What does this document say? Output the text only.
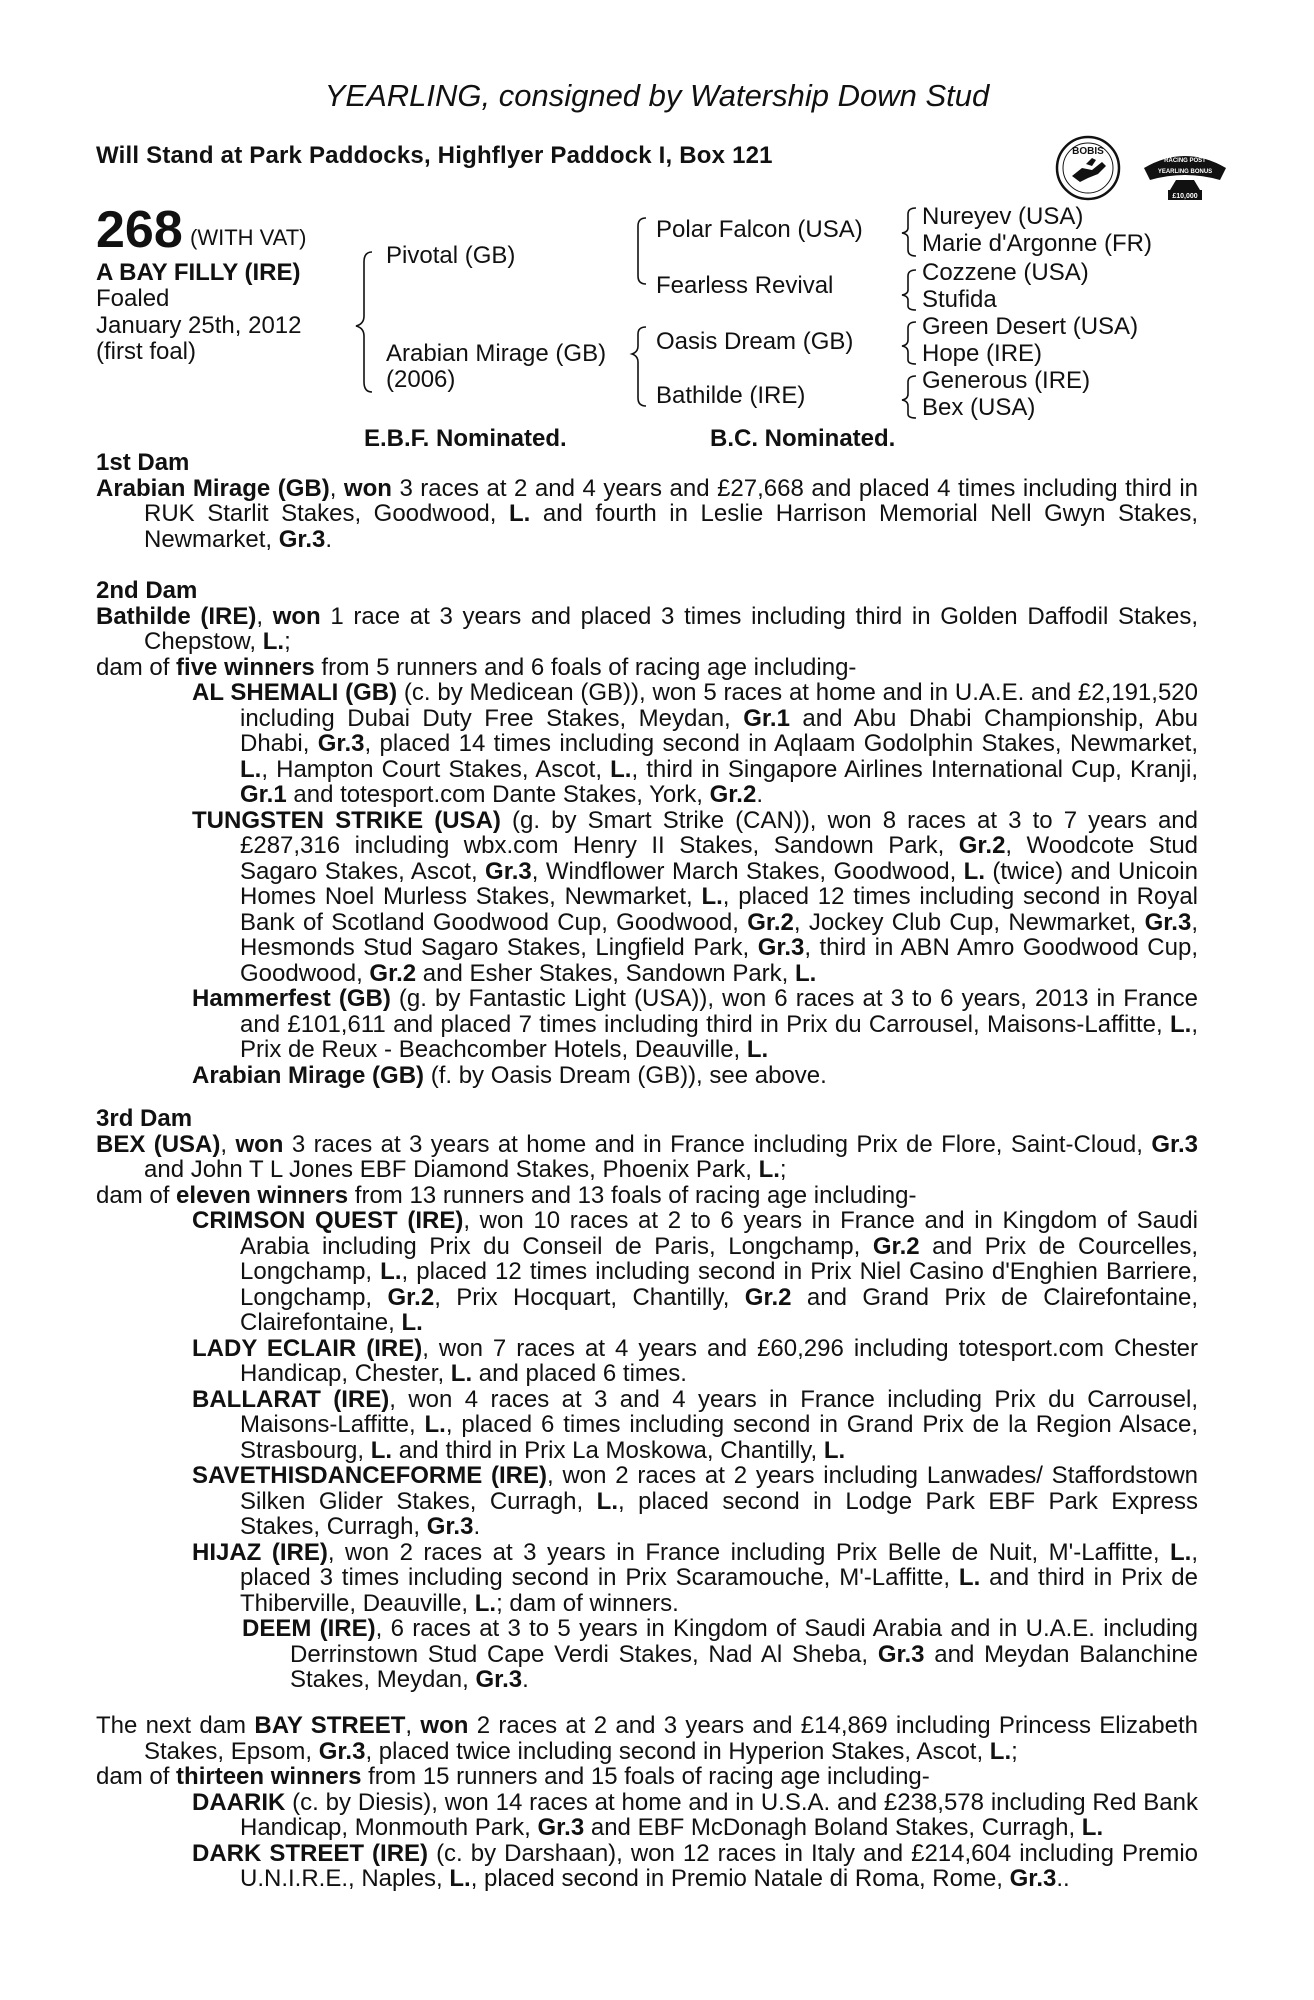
YEARLING, consigned by Watership Down Stud
Will Stand at Park Paddocks, Highflyer Paddock I, Box 121	BOBIS
RACING POST
YEARLING BONUS
£10,000
RACING POST YEARLING BONUS £10,000
268 (WITH VAT)
A BAY FILLY (IRE)
Foaled
January 25th, 2012
(first foal)
Pivotal (GB)
Arabian Mirage (GB)
(2006)
Polar Falcon (USA)
Fearless Revival
Oasis Dream (GB)
Bathilde (IRE)
Nureyev (USA)
Marie d'Argonne (FR)
Cozzene (USA)
Stufida
Green Desert (USA)
Hope (IRE)
Generous (IRE)
Bex (USA)
E.B.F. Nominated.	B.C. Nominated.
1st Dam

Arabian Mirage (GB), won 3 races at 2 and 4 years and £27,668 and placed 4 times including third in RUK Starlit Stakes, Goodwood, L. and fourth in Leslie Harrison Memorial Nell Gwyn Stakes, Newmarket, Gr.3.

2nd Dam

Bathilde (IRE), won 1 race at 3 years and placed 3 times including third in Golden Daffodil Stakes, Chepstow, L.;

dam of five winners from 5 runners and 6 foals of racing age including-

AL SHEMALI (GB) (c. by Medicean (GB)), won 5 races at home and in U.A.E. and £2,191,520 including Dubai Duty Free Stakes, Meydan, Gr.1 and Abu Dhabi Championship, Abu Dhabi, Gr.3, placed 14 times including second in Aqlaam Godolphin Stakes, Newmarket, L., Hampton Court Stakes, Ascot, L., third in Singapore Airlines International Cup, Kranji, Gr.1 and totesport.com Dante Stakes, York, Gr.2.

TUNGSTEN STRIKE (USA) (g. by Smart Strike (CAN)), won 8 races at 3 to 7 years and £287,316 including wbx.com Henry II Stakes, Sandown Park, Gr.2, Woodcote Stud Sagaro Stakes, Ascot, Gr.3, Windflower March Stakes, Goodwood, L. (twice) and Unicoin Homes Noel Murless Stakes, Newmarket, L., placed 12 times including second in Royal Bank of Scotland Goodwood Cup, Goodwood, Gr.2, Jockey Club Cup, Newmarket, Gr.3, Hesmonds Stud Sagaro Stakes, Lingfield Park, Gr.3, third in ABN Amro Goodwood Cup, Goodwood, Gr.2 and Esher Stakes, Sandown Park, L.

Hammerfest (GB) (g. by Fantastic Light (USA)), won 6 races at 3 to 6 years, 2013 in France and £101,611 and placed 7 times including third in Prix du Carrousel, Maisons-Laffitte, L., Prix de Reux - Beachcomber Hotels, Deauville, L.

Arabian Mirage (GB) (f. by Oasis Dream (GB)), see above.

3rd Dam

BEX (USA), won 3 races at 3 years at home and in France including Prix de Flore, Saint-Cloud, Gr.3 and John T L Jones EBF Diamond Stakes, Phoenix Park, L.;

dam of eleven winners from 13 runners and 13 foals of racing age including-

CRIMSON QUEST (IRE), won 10 races at 2 to 6 years in France and in Kingdom of Saudi Arabia including Prix du Conseil de Paris, Longchamp, Gr.2 and Prix de Courcelles, Longchamp, L., placed 12 times including second in Prix Niel Casino d'Enghien Barriere, Longchamp, Gr.2, Prix Hocquart, Chantilly, Gr.2 and Grand Prix de Clairefontaine, Clairefontaine, L.

LADY ECLAIR (IRE), won 7 races at 4 years and £60,296 including totesport.com Chester Handicap, Chester, L. and placed 6 times.

BALLARAT (IRE), won 4 races at 3 and 4 years in France including Prix du Carrousel, Maisons-Laffitte, L., placed 6 times including second in Grand Prix de la Region Alsace, Strasbourg, L. and third in Prix La Moskowa, Chantilly, L.

SAVETHISDANCEFORME (IRE), won 2 races at 2 years including Lanwades/ Staffordstown Silken Glider Stakes, Curragh, L., placed second in Lodge Park EBF Park Express Stakes, Curragh, Gr.3.

HIJAZ (IRE), won 2 races at 3 years in France including Prix Belle de Nuit, M'-Laffitte, L., placed 3 times including second in Prix Scaramouche, M'-Laffitte, L. and third in Prix de Thiberville, Deauville, L.; dam of winners.

DEEM (IRE), 6 races at 3 to 5 years in Kingdom of Saudi Arabia and in U.A.E. including Derrinstown Stud Cape Verdi Stakes, Nad Al Sheba, Gr.3 and Meydan Balanchine Stakes, Meydan, Gr.3.

The next dam BAY STREET, won 2 races at 2 and 3 years and £14,869 including Princess Elizabeth Stakes, Epsom, Gr.3, placed twice including second in Hyperion Stakes, Ascot, L.;

dam of thirteen winners from 15 runners and 15 foals of racing age including-

DAARIK (c. by Diesis), won 14 races at home and in U.S.A. and £238,578 including Red Bank Handicap, Monmouth Park, Gr.3 and EBF McDonagh Boland Stakes, Curragh, L.

DARK STREET (IRE) (c. by Darshaan), won 12 races in Italy and £214,604 including Premio U.N.I.R.E., Naples, L., placed second in Premio Natale di Roma, Rome, Gr.3..
